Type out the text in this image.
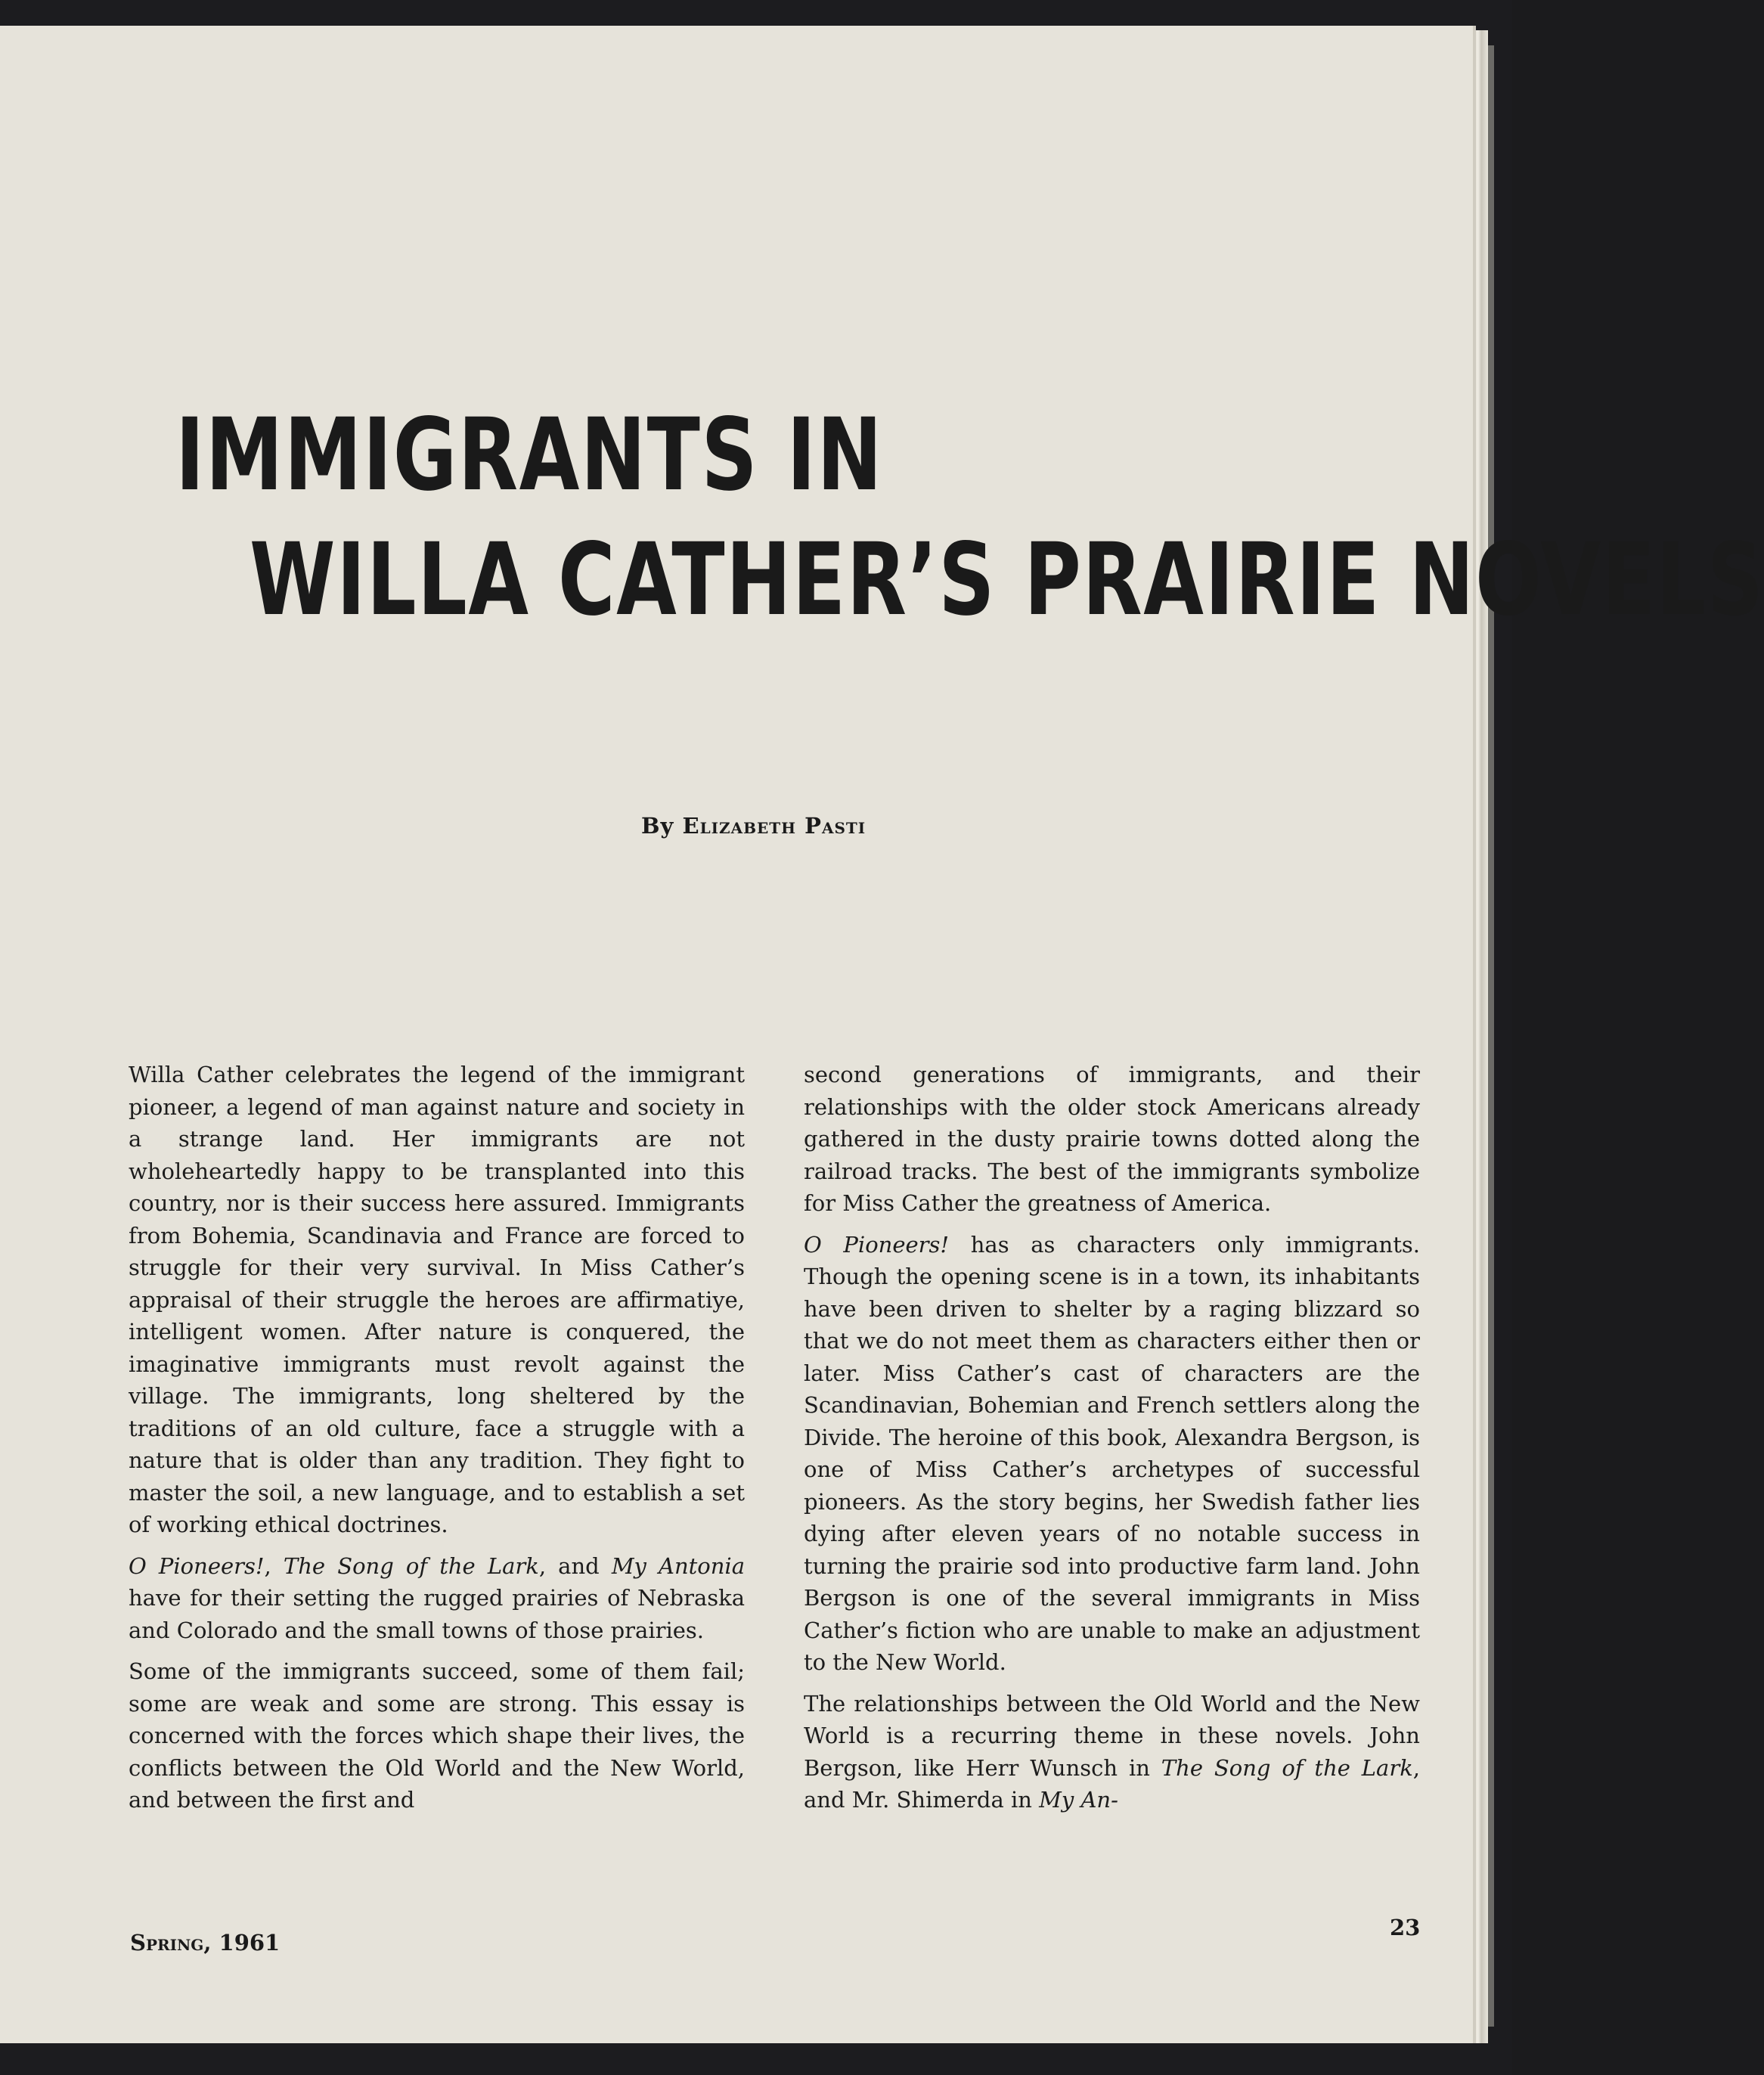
IMMIGRANTS IN
WILLA CATHER’S PRAIRIE NOVELS
By Elizabeth Pasti

Willa Cather celebrates the legend of the immigrant pioneer, a legend of man against nature and society in a strange land. Her immigrants are not wholeheartedly happy to be transplanted into this country, nor is their success here assured. Immigrants from Bohemia, Scandinavia and France are forced to struggle for their very survival. In Miss Cather’s appraisal of their struggle the heroes are affirmatiye, intelligent women. After nature is conquered, the imaginative immigrants must revolt against the village. The immigrants, long sheltered by the traditions of an old culture, face a struggle with a nature that is older than any tradition. They fight to master the soil, a new language, and to establish a set of working ethical doctrines.

O Pioneers!, The Song of the Lark, and My Antonia have for their setting the rugged prairies of Nebraska and Colorado and the small towns of those prairies.

Some of the immigrants succeed, some of them fail; some are weak and some are strong. This essay is concerned with the forces which shape their lives, the conflicts between the Old World and the New World, and between the first and

second generations of immigrants, and their relationships with the older stock Americans already gathered in the dusty prairie towns dotted along the railroad tracks. The best of the immigrants symbolize for Miss Cather the greatness of America.

O Pioneers! has as characters only immigrants. Though the opening scene is in a town, its inhabitants have been driven to shelter by a raging blizzard so that we do not meet them as characters either then or later. Miss Cather’s cast of characters are the Scandinavian, Bohemian and French settlers along the Divide. The heroine of this book, Alexandra Bergson, is one of Miss Cather’s archetypes of successful pioneers. As the story begins, her Swedish father lies dying after eleven years of no notable success in turning the prairie sod into productive farm land. John Bergson is one of the several immigrants in Miss Cather’s fiction who are unable to make an adjustment to the New World.

The relationships between the Old World and the New World is a recurring theme in these novels. John Bergson, like Herr Wunsch in The Song of the Lark, and Mr. Shimerda in My An-

Spring, 1961
23
